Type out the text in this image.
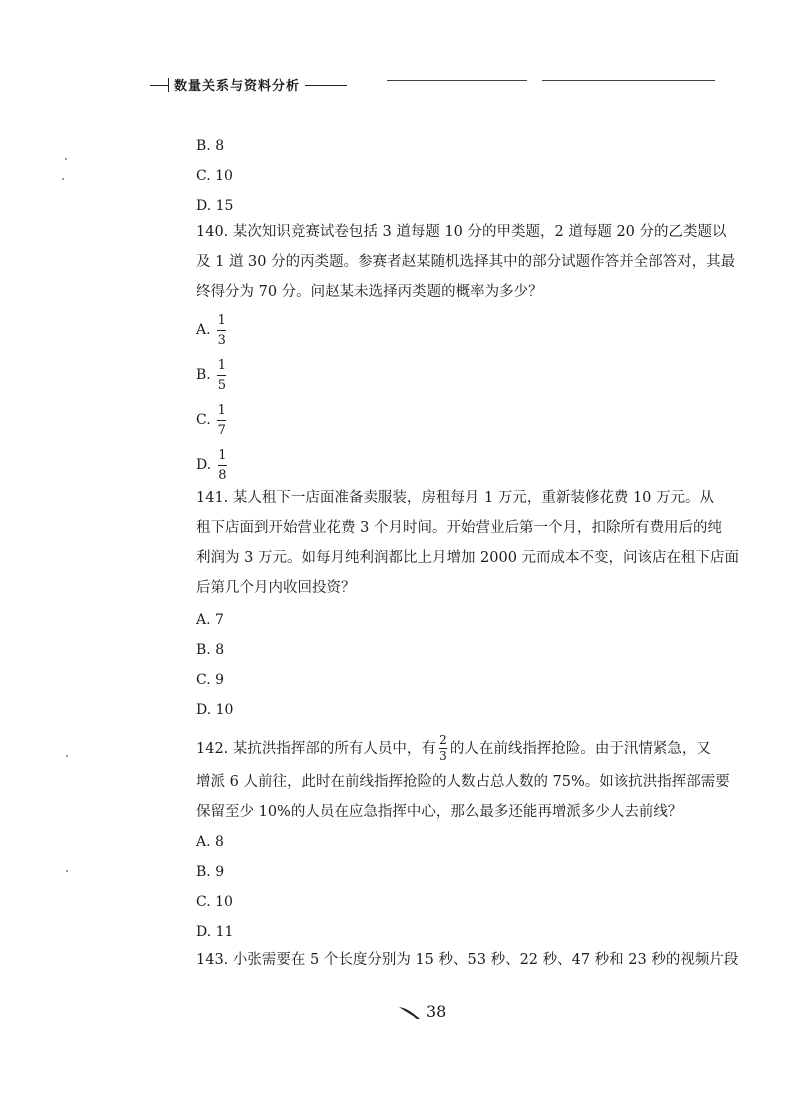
数量关系与资料分析
B. 8
C. 10
D. 15
140. 某次知识竞赛试卷包括 3 道每题 10 分的甲类题，2 道每题 20 分的乙类题以
及 1 道 30 分的丙类题。参赛者赵某随机选择其中的部分试题作答并全部答对，其最
终得分为 70 分。问赵某未选择丙类题的概率为多少？
A. $\frac{1}{3}$
B. $\frac{1}{5}$
C. $\frac{1}{7}$
D. $\frac{1}{8}$
141. 某人租下一店面准备卖服装，房租每月 1 万元，重新装修花费 10 万元。从
租下店面到开始营业花费 3 个月时间。开始营业后第一个月，扣除所有费用后的纯
利润为 3 万元。如每月纯利润都比上月增加 2000 元而成本不变，问该店在租下店面
后第几个月内收回投资？
A. 7
B. 8
C. 9
D. 10
142. 某抗洪指挥部的所有人员中，有 $\frac{2}{3}$ 的人在前线指挥抢险。由于汛情紧急，又
增派 6 人前往，此时在前线指挥抢险的人数占总人数的 75%。如该抗洪指挥部需要
保留至少 10%的人员在应急指挥中心，那么最多还能再增派多少人去前线？
A. 8
B. 9
C. 10
D. 11
143. 小张需要在 5 个长度分别为 15 秒、53 秒、22 秒、47 秒和 23 秒的视频片段
38
